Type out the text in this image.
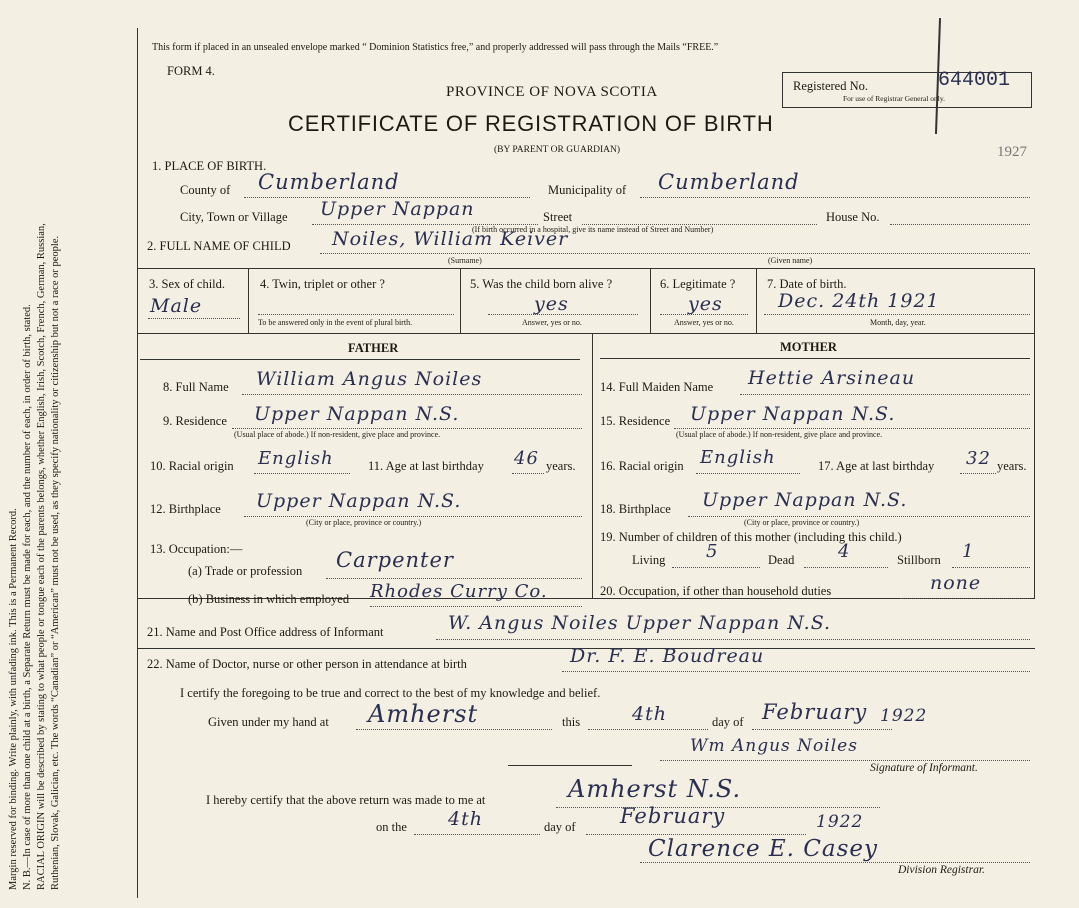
Margin reserved for binding. Write plainly, with unfading ink. This is a Permanent Record. N. B.—In case of more than one child at a birth, a Separate Return must be made for each, and the number of each, in order of birth, stated. RACIAL ORIGIN will be described by stating to what people or tongue each of the parents belongs, whether English, Irish, Scotch, French, German, Russian, Ruthenian, Slovak, Galician, etc. The words “Canadian” or “American” must not be used, as they specify nationality or citizenship but not a race or people.
This form if placed in an unsealed envelope marked “ Dominion Statistics free,” and properly addressed will pass through the Mails “FREE.”
FORM 4.
PROVINCE OF NOVA SCOTIA
CERTIFICATE OF REGISTRATION OF BIRTH
(BY PARENT OR GUARDIAN)
Registered No.	644001
For use of Registrar General only.
1927
1. PLACE OF BIRTH.
County of Cumberland	Municipality of Cumberland
City, Town or Village Upper Nappan	Street	House No.
(If birth occurred in a hospital, give its name instead of Street and Number)
2. FULL NAME OF CHILD Noiles, William Keiver
(Surname)	(Given name)
3. Sex of child.
Male
4. Twin, triplet or other ?
To be answered only in the event of plural birth.
5. Was the child born alive ?
yes
Answer, yes or no.
6. Legitimate ?
yes
Answer, yes or no.
7. Date of birth.
Dec. 24th 1921
Month, day, year.
FATHER	MOTHER
8. Full Name William Angus Noiles
9. Residence Upper Nappan N.S.
(Usual place of abode.) If non-resident, give place and province.
10. Racial origin English	11. Age at last birthday 46 years.
12. Birthplace Upper Nappan N.S.
(City or place, province or country.)
13. Occupation:—
(a) Trade or profession Carpenter
(b) Business in which employed Rhodes Curry Co.
14. Full Maiden Name Hettie Arsineau
15. Residence Upper Nappan N.S.
(Usual place of abode.) If non-resident, give place and province.
16. Racial origin English	17. Age at last birthday 32 years.
18. Birthplace Upper Nappan N.S.
(City or place, province or country.)
19. Number of children of this mother (including this child.)
Living 5	Dead 4	Stillborn 1
20. Occupation, if other than household duties	none
21. Name and Post Office address of Informant	W. Angus Noiles Upper Nappan N.S.
22. Name of Doctor, nurse or other person in attendance at birth	Dr. F. E. Boudreau
I certify the foregoing to be true and correct to the best of my knowledge and belief.
Given under my hand at Amherst	this	4th	day of February 1922
Wm Angus Noiles
Signature of Informant.
I hereby certify that the above return was made to me at	Amherst N.S.
on the 4th	day of February	1922
Clarence E. Casey
Division Registrar.
